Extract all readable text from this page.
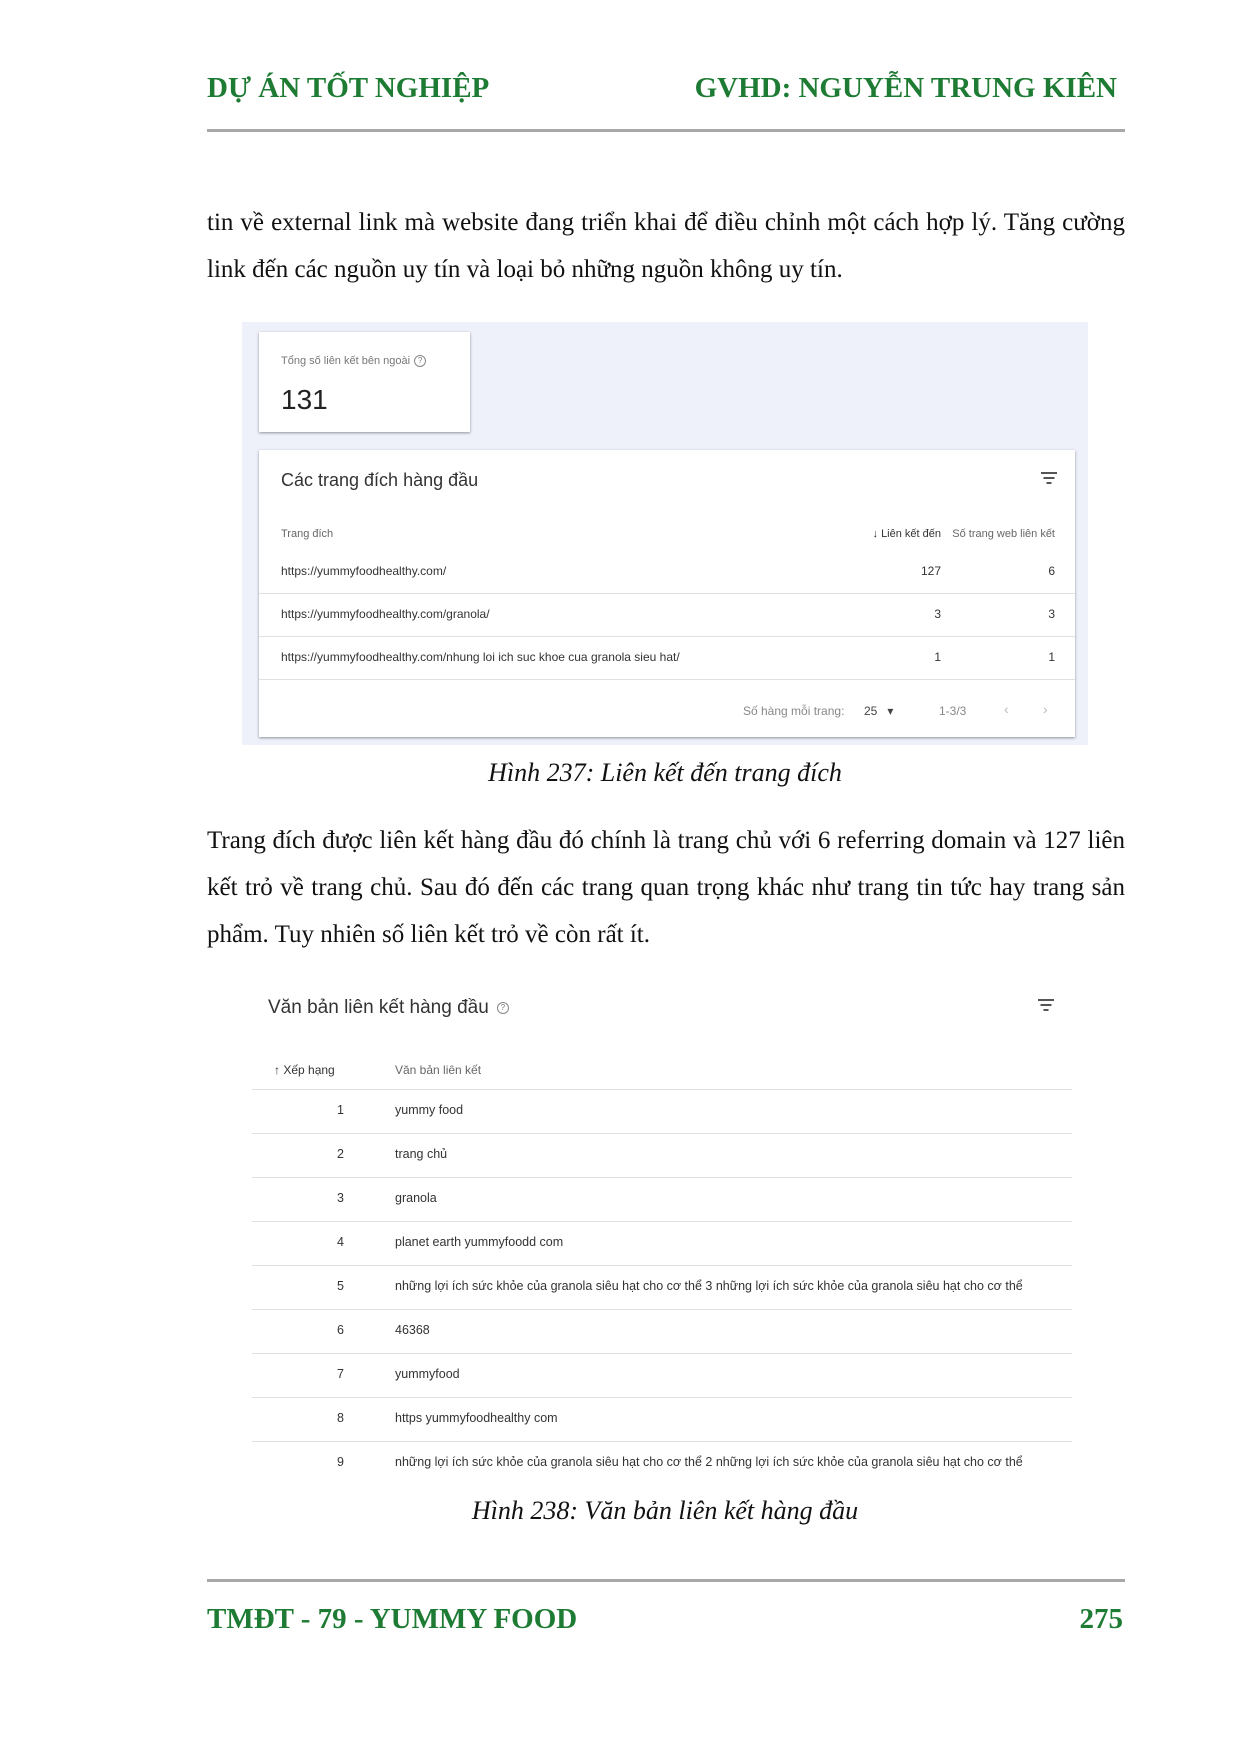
DỰ ÁN TỐT NGHIỆP	GVHD: NGUYỄN TRUNG KIÊN

tin về external link mà website đang triển khai để điều chỉnh một cách hợp lý. Tăng cường link đến các nguồn uy tín và loại bỏ những nguồn không uy tín.

Tổng số liên kết bên ngoài ?
131
Các trang đích hàng đầu
Trang đích	↓ Liên kết đến	Số trang web liên kết
https://yummyfoodhealthy.com/	127	6
https://yummyfoodhealthy.com/granola/	3	3
https://yummyfoodhealthy.com/nhung loi ich suc khoe cua granola sieu hat/	1	1
Số hàng mỗi trang: 25 ▾	1-3/3	‹ ›
Hình 237: Liên kết đến trang đích

Trang đích được liên kết hàng đầu đó chính là trang chủ với 6 referring domain và 127 liên kết trỏ về trang chủ. Sau đó đến các trang quan trọng khác như trang tin tức hay trang sản phẩm. Tuy nhiên số liên kết trỏ về còn rất ít.

Văn bản liên kết hàng đầu ?
↑ Xếp hạng	Văn bản liên kết
1	yummy food
2	trang chủ
3	granola
4	planet earth yummyfoodd com
5	những lợi ích sức khỏe của granola siêu hạt cho cơ thể 3 những lợi ích sức khỏe của granola siêu hạt cho cơ thể
6	46368
7	yummyfood
8	https yummyfoodhealthy com
9	những lợi ích sức khỏe của granola siêu hạt cho cơ thể 2 những lợi ích sức khỏe của granola siêu hạt cho cơ thể
Hình 238: Văn bản liên kết hàng đầu
TMĐT - 79 - YUMMY FOOD	275
